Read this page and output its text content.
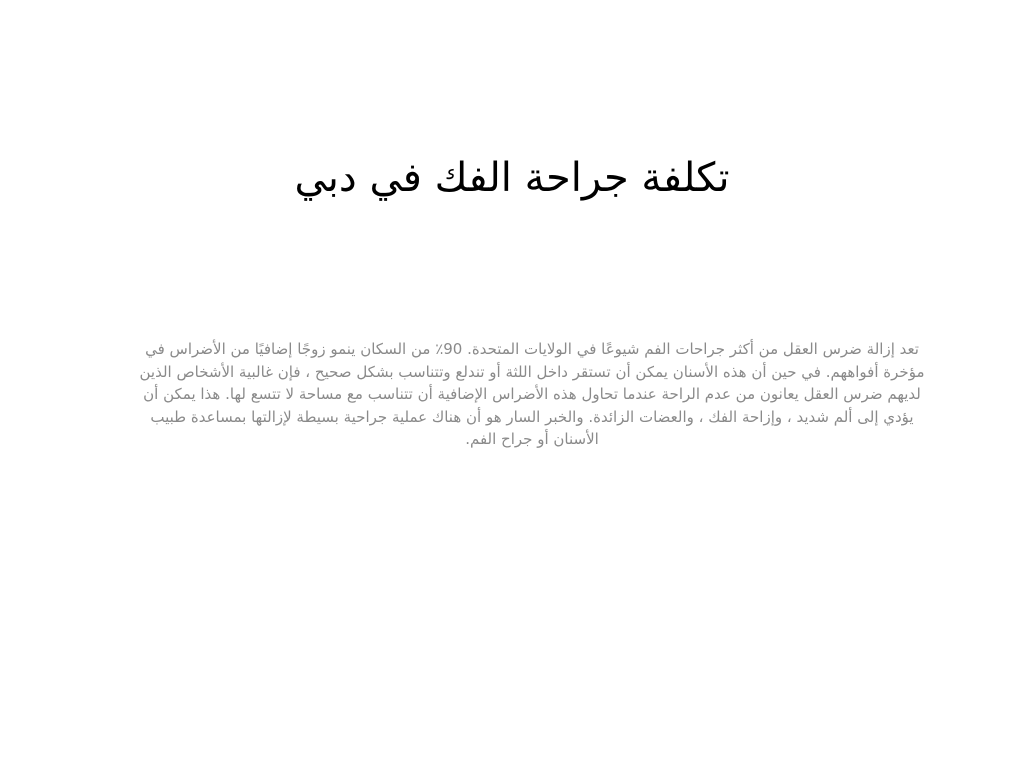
تكلفة جراحة الفك في دبي

تعد إزالة ضرس العقل من أكثر جراحات الفم شيوعًا في الولايات المتحدة. 90٪ من السكان ينمو زوجًا إضافيًا من الأضراس في مؤخرة أفواههم. في حين أن هذه الأسنان يمكن أن تستقر داخل اللثة أو تندلع وتتناسب بشكل صحيح ، فإن غالبية الأشخاص الذين لديهم ضرس العقل يعانون من عدم الراحة عندما تحاول هذه الأضراس الإضافية أن تتناسب مع مساحة لا تتسع لها. هذا يمكن أن يؤدي إلى ألم شديد ، وإزاحة الفك ، والعضات الزائدة. والخبر السار هو أن هناك عملية جراحية بسيطة لإزالتها بمساعدة طبيب الأسنان أو جراح الفم.
